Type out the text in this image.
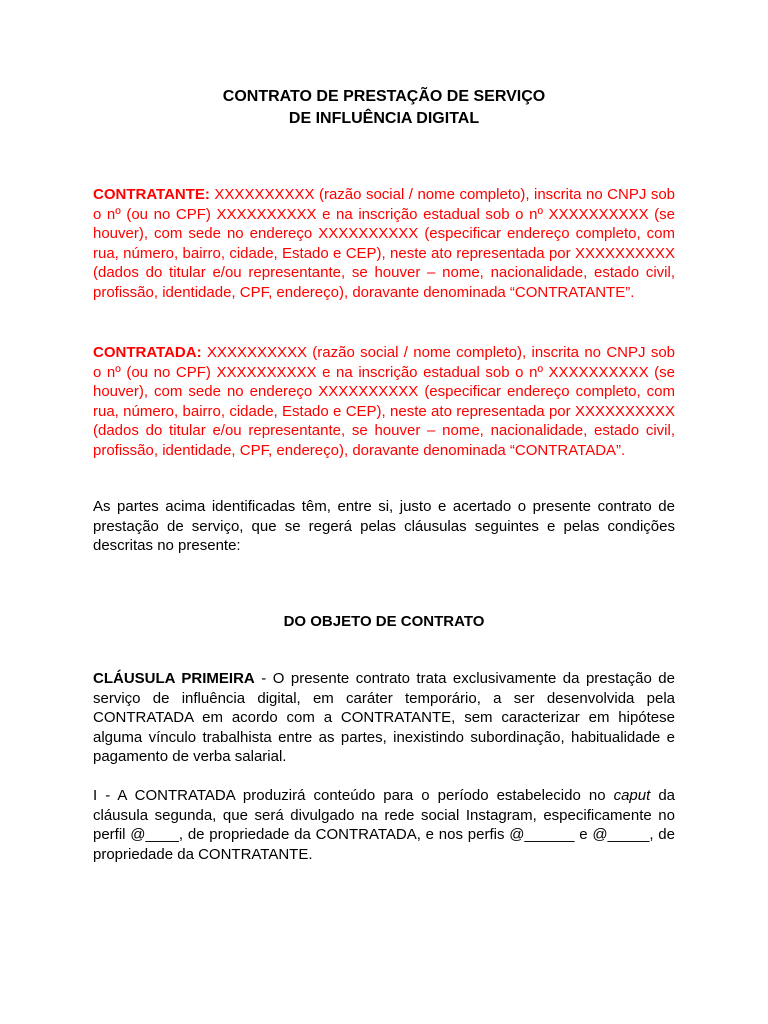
CONTRATO DE PRESTAÇÃO DE SERVIÇO
DE INFLUÊNCIA DIGITAL

CONTRATANTE: XXXXXXXXXX (razão social / nome completo), inscrita no CNPJ sob o nº (ou no CPF) XXXXXXXXXX e na inscrição estadual sob o nº XXXXXXXXXX (se houver), com sede no endereço XXXXXXXXXX (especificar endereço completo, com rua, número, bairro, cidade, Estado e CEP), neste ato representada por XXXXXXXXXX (dados do titular e/ou representante, se houver – nome, nacionalidade, estado civil, profissão, identidade, CPF, endereço), doravante denominada “CONTRATANTE”.

CONTRATADA: XXXXXXXXXX (razão social / nome completo), inscrita no CNPJ sob o nº (ou no CPF) XXXXXXXXXX e na inscrição estadual sob o nº XXXXXXXXXX (se houver), com sede no endereço XXXXXXXXXX (especificar endereço completo, com rua, número, bairro, cidade, Estado e CEP), neste ato representada por XXXXXXXXXX (dados do titular e/ou representante, se houver – nome, nacionalidade, estado civil, profissão, identidade, CPF, endereço), doravante denominada “CONTRATADA”.

As partes acima identificadas têm, entre si, justo e acertado o presente contrato de prestação de serviço, que se regerá pelas cláusulas seguintes e pelas condições descritas no presente:

DO OBJETO DE CONTRATO

CLÁUSULA PRIMEIRA - O presente contrato trata exclusivamente da prestação de serviço de influência digital, em caráter temporário, a ser desenvolvida pela CONTRATADA em acordo com a CONTRATANTE, sem caracterizar em hipótese alguma vínculo trabalhista entre as partes, inexistindo subordinação, habitualidade e pagamento de verba salarial.

I - A CONTRATADA produzirá conteúdo para o período estabelecido no caput da cláusula segunda, que será divulgado na rede social Instagram, especificamente no perfil @____, de propriedade da CONTRATADA, e nos perfis @______ e @_____, de propriedade da CONTRATANTE.
